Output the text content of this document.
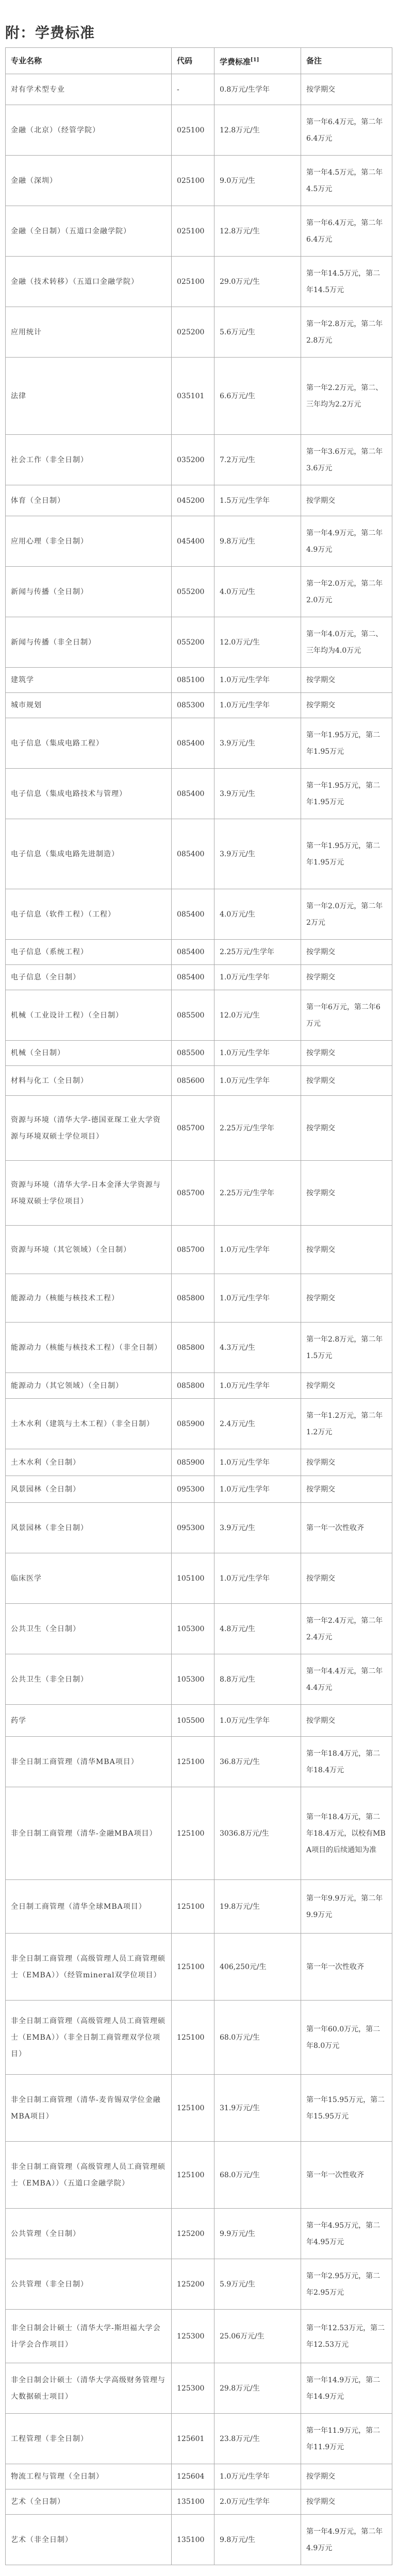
附：学费标准
专业名称	代码	学费标准[1]	备注
对有学术型专业	-	0.8万元/生学年	按学期交
金融（北京）（经管学院）	025100	12.8万元/生	第一年6.4万元，第二年6.4万元
金融（深圳）	025100	9.0万元/生	第一年4.5万元，第二年4.5万元
金融（全日制）（五道口金融学院）	025100	12.8万元/生	第一年6.4万元，第二年6.4万元
金融（技术转移）（五道口金融学院）	025100	29.0万元/生	第一年14.5万元，第二年14.5万元
应用统计	025200	5.6万元/生	第一年2.8万元，第二年2.8万元
法律	035101	6.6万元/生	第一年2.2万元，第二、三年均为2.2万元
社会工作（非全日制）	035200	7.2万元/生	第一年3.6万元，第二年3.6万元
体育（全日制）	045200	1.5万元/生学年	按学期交
应用心理（非全日制）	045400	9.8万元/生	第一年4.9万元，第二年4.9万元
新闻与传播（全日制）	055200	4.0万元/生	第一年2.0万元，第二年2.0万元
新闻与传播（非全日制）	055200	12.0万元/生	第一年4.0万元，第二、三年均为4.0万元
建筑学	085100	1.0万元/生学年	按学期交
城市规划	085300	1.0万元/生学年	按学期交
电子信息（集成电路工程）	085400	3.9万元/生	第一年1.95万元，第二年1.95万元
电子信息（集成电路技术与管理）	085400	3.9万元/生	第一年1.95万元，第二年1.95万元
电子信息（集成电路先进制造）	085400	3.9万元/生	第一年1.95万元，第二年1.95万元
电子信息（软件工程）（工程）	085400	4.0万元/生	第一年2.0万元，第二年2万元
电子信息（系统工程）	085400	2.25万元/生学年	按学期交
电子信息（全日制）	085400	1.0万元/生学年	按学期交
机械（工业设计工程）（全日制）	085500	12.0万元/生	第一年6万元，第二年6万元
机械（全日制）	085500	1.0万元/生学年	按学期交
材料与化工（全日制）	085600	1.0万元/生学年	按学期交
资源与环境（清华大学-德国亚琛工业大学资源与环境双硕士学位项目）	085700	2.25万元/生学年	按学期交
资源与环境（清华大学-日本金泽大学资源与环境双硕士学位项目）	085700	2.25万元/生学年	按学期交
资源与环境（其它领域）（全日制）	085700	1.0万元/生学年	按学期交
能源动力（核能与核技术工程）	085800	1.0万元/生学年	按学期交
能源动力（核能与核技术工程）（非全日制）	085800	4.3万元/生	第一年2.8万元，第二年1.5万元
能源动力（其它领域）（全日制）	085800	1.0万元/生学年	按学期交
土木水利（建筑与土木工程）（非全日制）	085900	2.4万元/生	第一年1.2万元，第二年1.2万元
土木水利（全日制）	085900	1.0万元/生学年	按学期交
风景园林（全日制）	095300	1.0万元/生学年	按学期交
风景园林（非全日制）	095300	3.9万元/生	第一年一次性收齐
临床医学	105100	1.0万元/生学年	按学期交
公共卫生（全日制）	105300	4.8万元/生	第一年2.4万元，第二年2.4万元
公共卫生（非全日制）	105300	8.8万元/生	第一年4.4万元，第二年4.4万元
药学	105500	1.0万元/生学年	按学期交
非全日制工商管理（清华MBA项目）	125100	36.8万元/生	第一年18.4万元，第二年18.4万元
非全日制工商管理（清华-金融MBA项目）	125100	3036.8万元/生	第一年18.4万元，第二年18.4万元，以校有MBA项目的后续通知为准
全日制工商管理（清华全球MBA项目）	125100	19.8万元/生	第一年9.9万元，第二年9.9万元
非全日制工商管理（高级管理人员工商管理硕士（EMBA））（经管mineral双学位项目）	125100	406,250元/生	第一年一次性收齐
非全日制工商管理（高级管理人员工商管理硕士（EMBA））（非全日制工商管理双学位项目）	125100	68.0万元/生	第一年60.0万元，第二年8.0万元
非全日制工商管理（清华-麦肯锡双学位金融MBA项目）	125100	31.9万元/生	第一年15.95万元，第二年15.95万元
非全日制工商管理（高级管理人员工商管理硕士（EMBA））（五道口金融学院）	125100	68.0万元/生	第一年一次性收齐
公共管理（全日制）	125200	9.9万元/生	第一年4.95万元，第二年4.95万元
公共管理（非全日制）	125200	5.9万元/生	第一年2.95万元，第二年2.95万元
非全日制会计硕士（清华大学-斯坦福大学会计学会合作项目）	125300	25.06万元/生	第一年12.53万元，第二年12.53万元
非全日制会计硕士（清华大学高级财务管理与大数据硕士项目）	125300	29.8万元/生	第一年14.9万元，第二年14.9万元
工程管理（非全日制）	125601	23.8万元/生	第一年11.9万元，第二年11.9万元
物流工程与管理（全日制）	125604	1.0万元/生学年	按学期交
艺术（全日制）	135100	2.0万元/生学年	按学期交
艺术（非全日制）	135100	9.8万元/生	第一年4.9万元，第二年4.9万元
